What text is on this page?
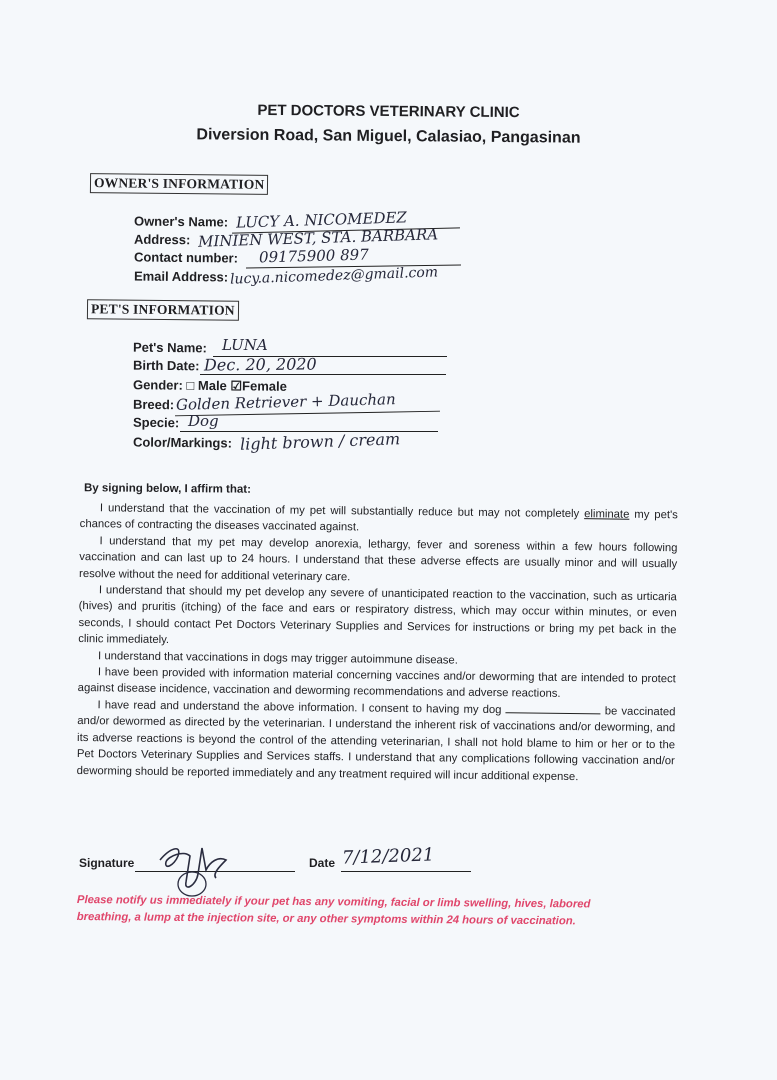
PET DOCTORS VETERINARY CLINIC
Diversion Road, San Miguel, Calasiao, Pangasinan
OWNER'S INFORMATION
Owner's Name: LUCY A. NICOMEDEZ
Address: MINIEN WEST, STA. BARBARA
Contact number: 09175900 897
Email Address: lucy.a.nicomedez@gmail.com
PET'S INFORMATION
Pet's Name: LUNA
Birth Date: Dec. 20, 2020
Gender: □ Male ☑Female
Breed: Golden Retriever + Dauchan
Specie: Dog
Color/Markings: light brown / cream
By signing below, I affirm that:

I understand that the vaccination of my pet will substantially reduce but may not completely eliminate my pet's chances of contracting the diseases vaccinated against.

I understand that my pet may develop anorexia, lethargy, fever and soreness within a few hours following vaccination and can last up to 24 hours. I understand that these adverse effects are usually minor and will usually resolve without the need for additional veterinary care.

I understand that should my pet develop any severe of unanticipated reaction to the vaccination, such as urticaria (hives) and pruritis (itching) of the face and ears or respiratory distress, which may occur within minutes, or even seconds, I should contact Pet Doctors Veterinary Supplies and Services for instructions or bring my pet back in the clinic immediately.

I understand that vaccinations in dogs may trigger autoimmune disease.

I have been provided with information material concerning vaccines and/or deworming that are intended to protect against disease incidence, vaccination and deworming recommendations and adverse reactions.

I have read and understand the above information. I consent to having my dog	be vaccinated and/or dewormed as directed by the veterinarian. I understand the inherent risk of vaccinations and/or deworming, and its adverse reactions is beyond the control of the attending veterinarian, I shall not hold blame to him or her or to the Pet Doctors Veterinary Supplies and Services staffs. I understand that any complications following vaccination and/or deworming should be reported immediately and any treatment required will incur additional expense.

Signature	Date 7/12/2021
Please notify us immediately if your pet has any vomiting, facial or limb swelling, hives, labored breathing, a lump at the injection site, or any other symptoms within 24 hours of vaccination.
